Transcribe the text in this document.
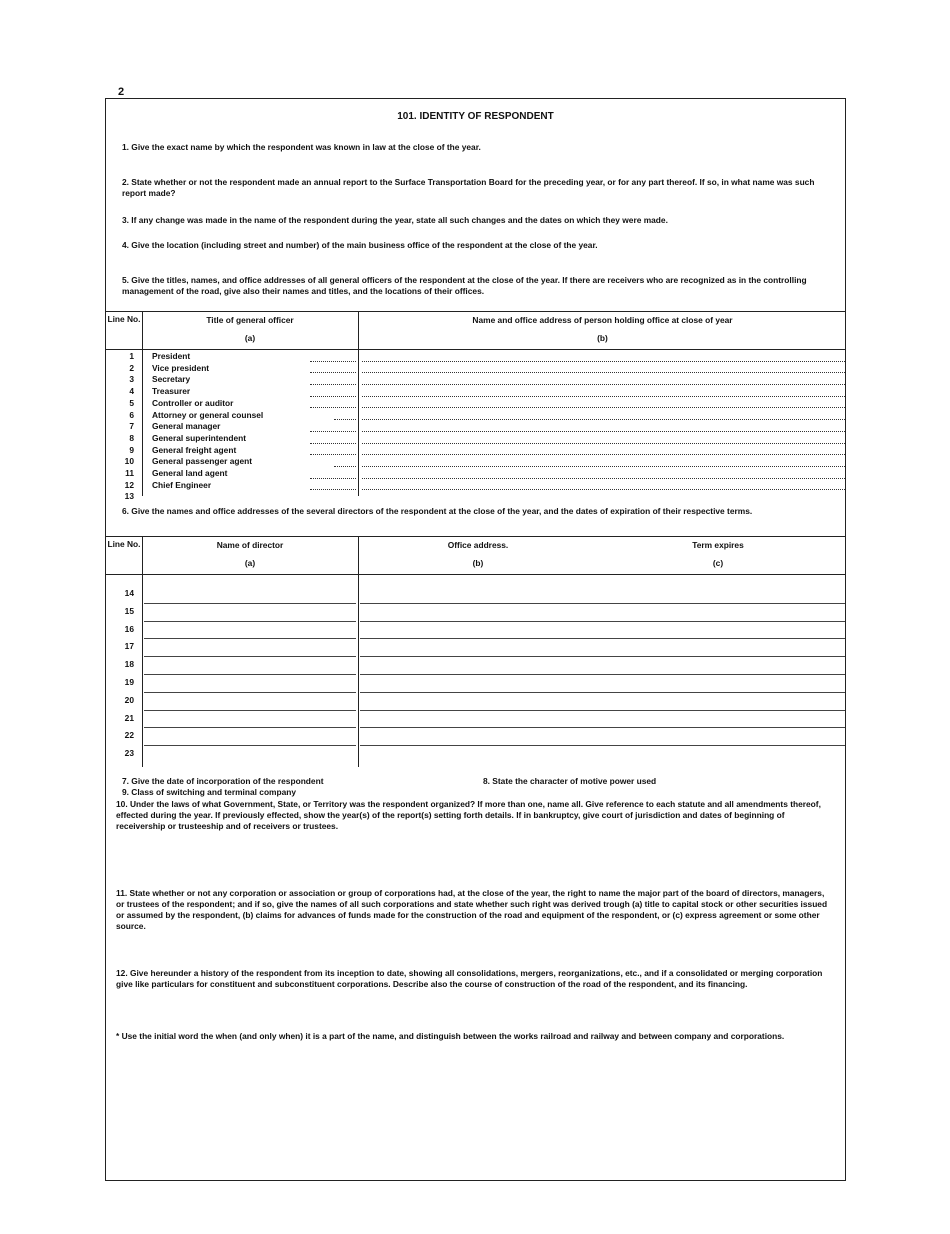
2
101. IDENTITY OF RESPONDENT
1. Give the exact name by which the respondent was known in law at the close of the year.
2. State whether or not the respondent made an annual report to the Surface Transportation Board for the preceding year, or for any part thereof. If so, in what name was such report made?
3. If any change was made in the name of the respondent during the year, state all such changes and the dates on which they were made.
4. Give the location (including street and number) of the main business office of the respondent at the close of the year.
5. Give the titles, names, and office addresses of all general officers of the respondent at the close of the year. If there are receivers who are recognized as in the controlling management of the road, give also their names and titles, and the locations of their offices.
Line No.	Title of general officer
(a)
Name and office address of person holding office at close of year
(b)
1 President
2 Vice president
3 Secretary
4 Treasurer
5 Controller or auditor
6 Attorney or general counsel
7 General manager
8 General superintendent
9 General freight agent
10 General passenger agent
11 General land agent
12 Chief Engineer
13
6. Give the names and office addresses of the several directors of the respondent at the close of the year, and the dates of expiration of their respective terms.
Line No.	Name of director
(a)
Office address.
(b)
Term expires
(c)
14
15
16
17
18
19
20
21
22
23
7. Give the date of incorporation of the respondent	8. State the character of motive power used
9. Class of switching and terminal company
10. Under the laws of what Government, State, or Territory was the respondent organized? If more than one, name all. Give reference to each statute and all amendments thereof, effected during the year. If previously effected, show the year(s) of the report(s) setting forth details. If in bankruptcy, give court of jurisdiction and dates of beginning of receivership or trusteeship and of receivers or trustees.
11. State whether or not any corporation or association or group of corporations had, at the close of the year, the right to name the major part of the board of directors, managers, or trustees of the respondent; and if so, give the names of all such corporations and state whether such right was derived trough (a) title to capital stock or other securities issued or assumed by the respondent, (b) claims for advances of funds made for the construction of the road and equipment of the respondent, or (c) express agreement or some other source.
12. Give hereunder a history of the respondent from its inception to date, showing all consolidations, mergers, reorganizations, etc., and if a consolidated or merging corporation give like particulars for constituent and subconstituent corporations. Describe also the course of construction of the road of the respondent, and its financing.
* Use the initial word the when (and only when) it is a part of the name, and distinguish between the works railroad and railway and between company and corporations.
